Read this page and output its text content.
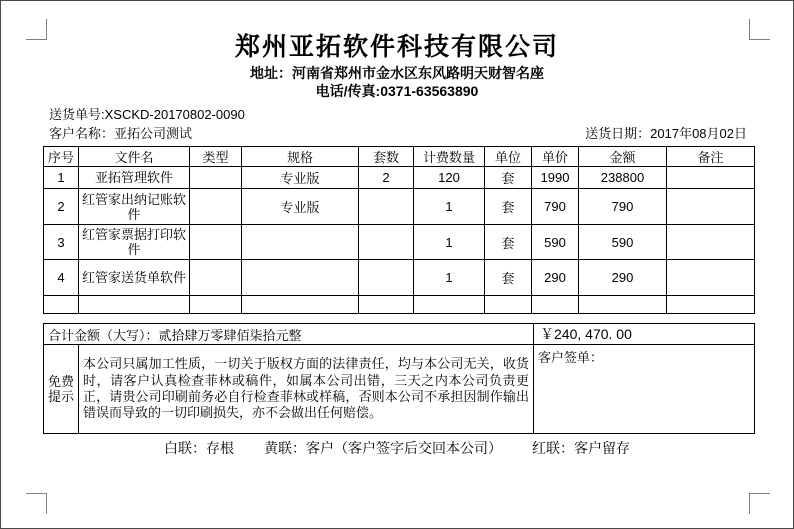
郑州亚拓软件科技有限公司
地址：河南省郑州市金水区东风路明天财智名座
电话/传真:0371-63563890
送货单号:XSCKD-20170802-0090
客户名称：亚拓公司测试	送货日期：2017年08月02日
序号	文件名	类型	规格	套数	计费数量	单位	单价	金额	备注
1	亚拓管理软件		专业版	2	120	套	1990	238800	
2	红管家出纳记账软件		专业版		1	套	790	790	
3	红管家票据打印软件				1	套	590	590	
4	红管家送货单软件				1	套	290	290	

合计金额（大写）：贰拾肆万零肆佰柒拾元整		￥240, 470. 00
免费提示	本公司只属加工性质，一切关于版权方面的法律责任，均与本公司无关，收货时，请客户认真检查菲林或稿件，如属本公司出错，三天之内本公司负责更正，请贵公司印刷前务必自行检查菲林或样稿，否则本公司不承担因制作输出错误而导致的一切印刷损失，亦不会做出任何赔偿。	客户签单：
白联：存根 黄联：客户（客户签字后交回本公司） 红联：客户留存
